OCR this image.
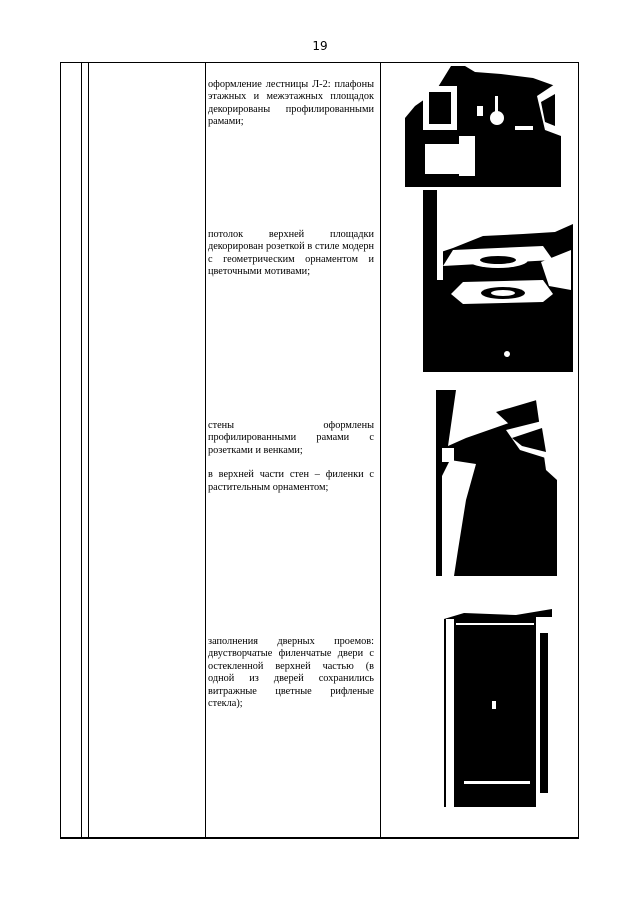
19

оформление лестницы Л-2: плафоны этажных и межэтажных площадок декорированы профилированными рамами;

потолок верхней площадки декорирован розеткой в стиле модерн с геометрическим орнаментом и цветочными мотивами;

стены оформлены профилированными рамами с розетками и венками;

в верхней части стен – филенки с растительным орнаментом;

заполнения дверных проемов: двустворчатые филенчатые двери с остекленной верхней частью (в одной из дверей сохранились витражные цветные рифленые стекла);
